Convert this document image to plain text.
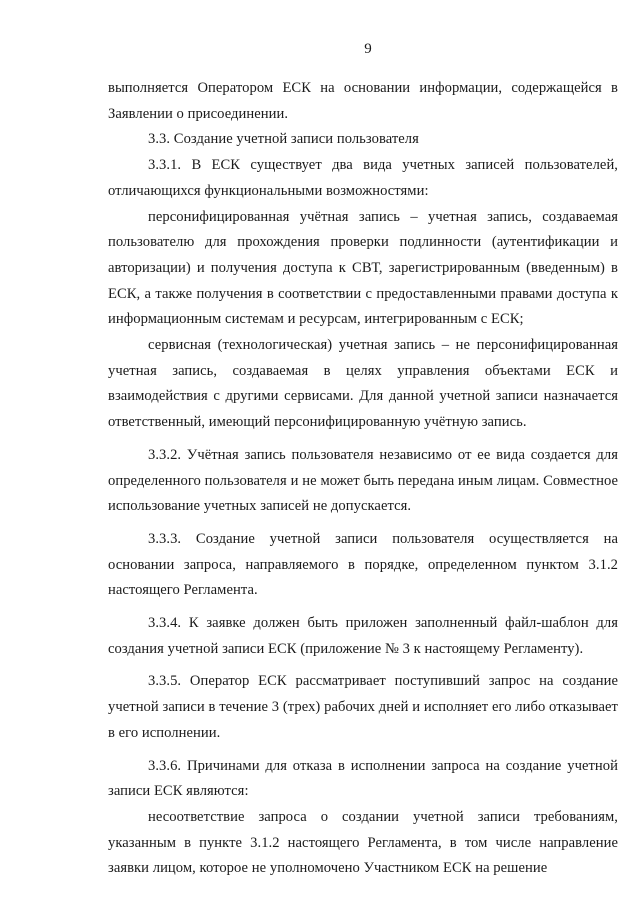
9

выполняется Оператором ЕСК на основании информации, содержащейся в Заявлении о присоединении.

3.3. Создание учетной записи пользователя

3.3.1. В ЕСК существует два вида учетных записей пользователей, отличающихся функциональными возможностями:

персонифицированная учётная запись – учетная запись, создаваемая пользователю для прохождения проверки подлинности (аутентификации и авторизации) и получения доступа к СВТ, зарегистрированным (введенным) в ЕСК, а также получения в соответствии с предоставленными правами доступа к информационным системам и ресурсам, интегрированным с ЕСК;

сервисная (технологическая) учетная запись – не персонифицированная учетная запись, создаваемая в целях управления объектами ЕСК и взаимодействия с другими сервисами. Для данной учетной записи назначается ответственный, имеющий персонифицированную учётную запись.

3.3.2. Учётная запись пользователя независимо от ее вида создается для определенного пользователя и не может быть передана иным лицам. Совместное использование учетных записей не допускается.

3.3.3. Создание учетной записи пользователя осуществляется на основании запроса, направляемого в порядке, определенном пунктом 3.1.2 настоящего Регламента.

3.3.4. К заявке должен быть приложен заполненный файл-шаблон для создания учетной записи ЕСК (приложение № 3 к настоящему Регламенту).

3.3.5. Оператор ЕСК рассматривает поступивший запрос на создание учетной записи в течение 3 (трех) рабочих дней и исполняет его либо отказывает в его исполнении.

3.3.6. Причинами для отказа в исполнении запроса на создание учетной записи ЕСК являются:

несоответствие запроса о создании учетной записи требованиям, указанным в пункте 3.1.2 настоящего Регламента, в том числе направление заявки лицом, которое не уполномочено Участником ЕСК на решение
